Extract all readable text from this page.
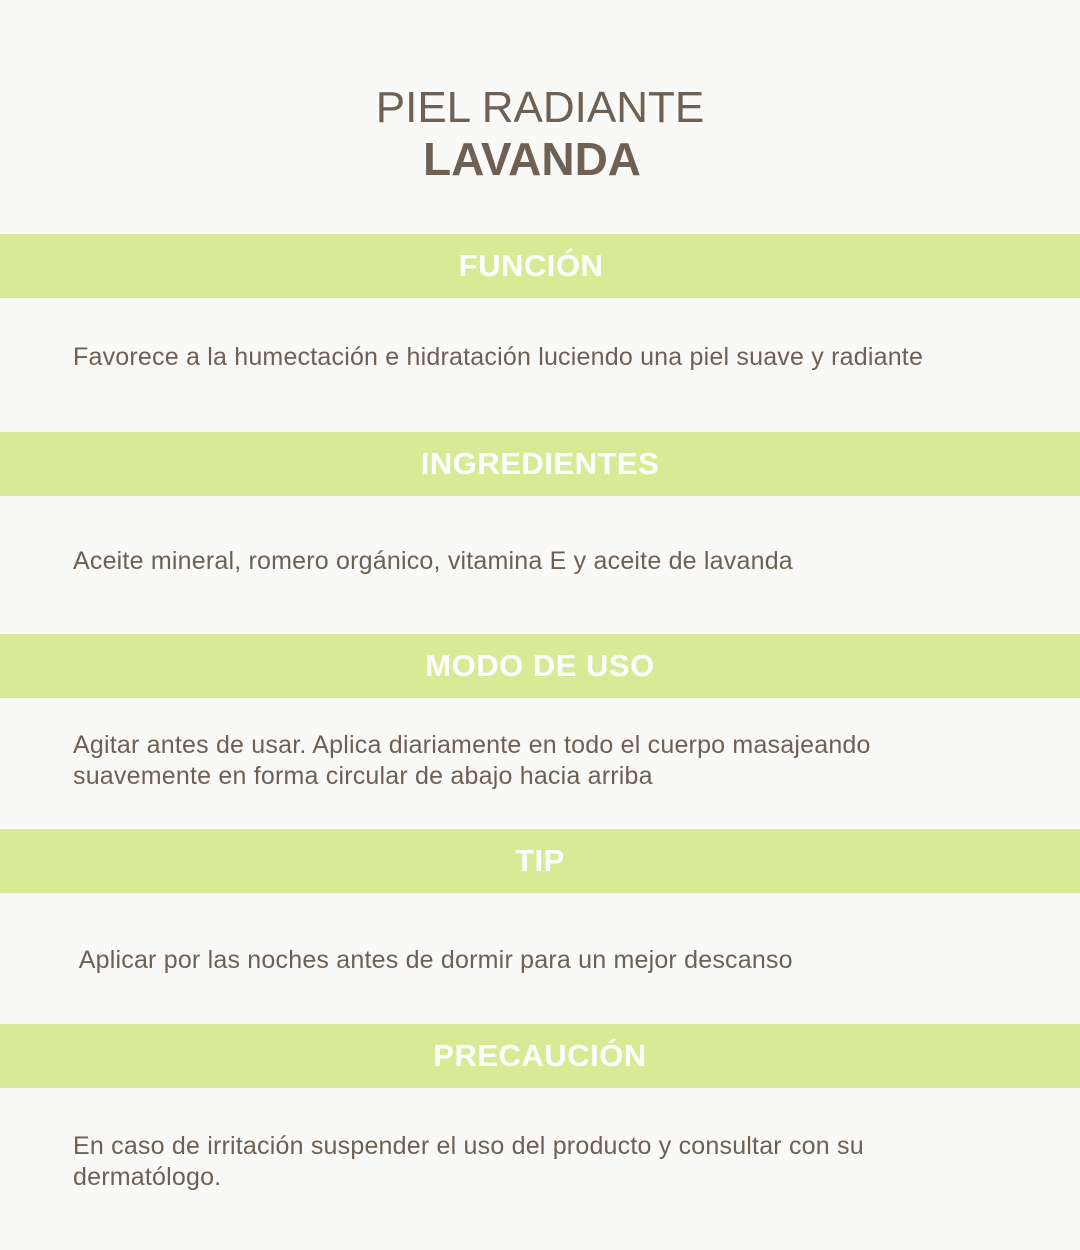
PIEL RADIANTE
LAVANDA
FUNCIÓN
Favorece a la humectación e hidratación luciendo una piel suave y radiante
INGREDIENTES
Aceite mineral, romero orgánico, vitamina E y aceite de lavanda
MODO DE USO
Agitar antes de usar. Aplica diariamente en todo el cuerpo masajeando suavemente en forma circular de abajo hacia arriba
TIP
Aplicar por las noches antes de dormir para un mejor descanso
PRECAUCIÓN
En caso de irritación suspender el uso del producto y consultar con su dermatólogo.
